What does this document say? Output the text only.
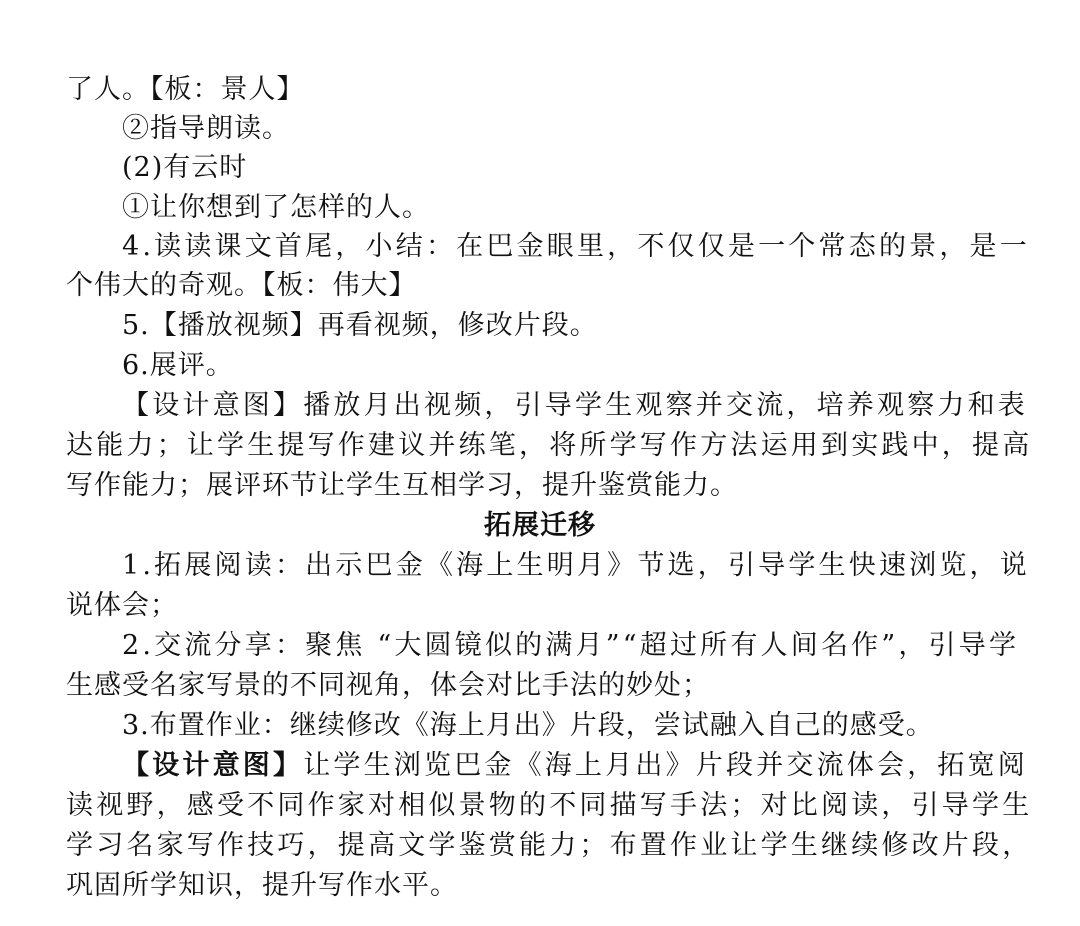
了人。【板：景人】
②指导朗读。
(2)有云时
①让你想到了怎样的人。
4.读读课文首尾，小结：在巴金眼里，不仅仅是一个常态的景，是一
个伟大的奇观。【板：伟大】
5.【播放视频】再看视频，修改片段。
6.展评。
【设计意图】播放月出视频，引导学生观察并交流，培养观察力和表
达能力；让学生提写作建议并练笔，将所学写作方法运用到实践中，提高
写作能力；展评环节让学生互相学习，提升鉴赏能力。
拓展迁移
1.拓展阅读：出示巴金《海上生明月》节选，引导学生快速浏览，说
说体会；
2.交流分享：聚焦 “大圆镜似的满月”“超过所有人间名作”，引导学
生感受名家写景的不同视角，体会对比手法的妙处；
3.布置作业：继续修改《海上月出》片段，尝试融入自己的感受。
【设计意图】让学生浏览巴金《海上月出》片段并交流体会，拓宽阅
读视野，感受不同作家对相似景物的不同描写手法；对比阅读，引导学生
学习名家写作技巧，提高文学鉴赏能力；布置作业让学生继续修改片段，
巩固所学知识，提升写作水平。
